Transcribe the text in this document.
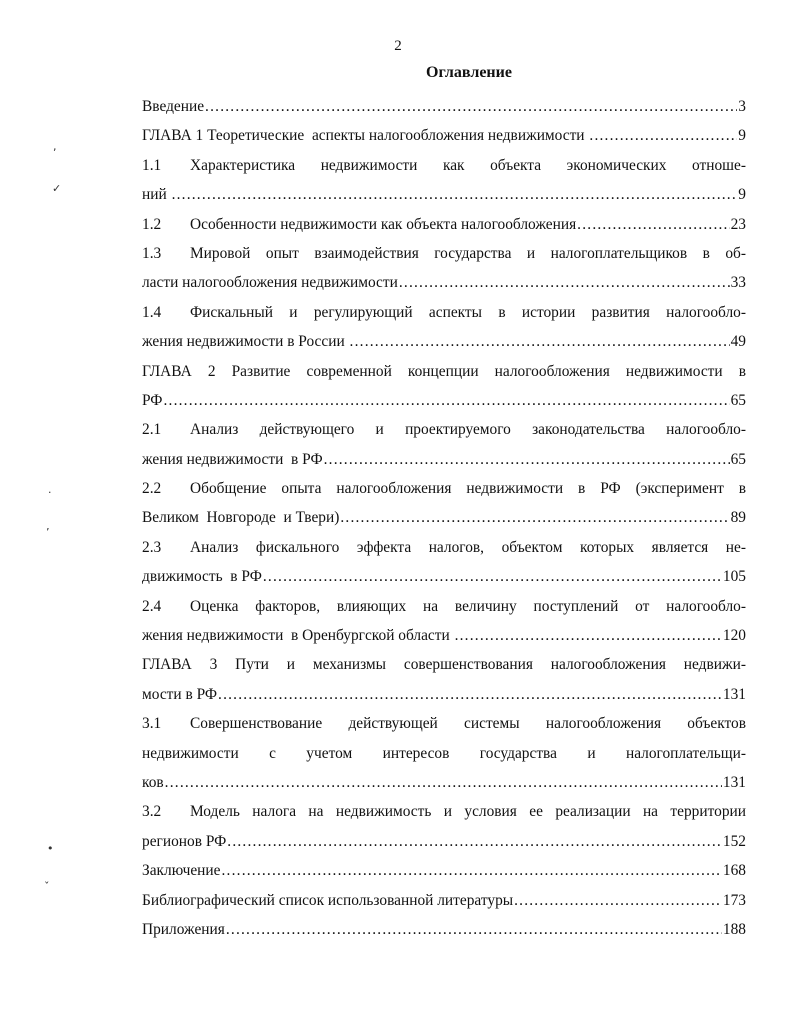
2
Оглавление
,
✓
·
ʼ
•
ˇ
Введение .....	3
ГЛАВА 1 Теоретические  аспекты налогообложения недвижимости .....	9
1.1 Характеристика недвижимости как объекта экономических отноше-
ний .....	9
1.2	Особенности недвижимости как объекта налогообложения .....	23
1.3 Мировой опыт взаимодействия государства и налогоплательщиков в об-
ласти налогообложения недвижимости .....	33
1.4 Фискальный и регулирующий аспекты в истории развития налогообло-
жения недвижимости в России .....	49
ГЛАВА 2 Развитие современной концепции налогообложения недвижимости в
РФ .....	65
2.1 Анализ действующего и проектируемого законодательства налогообло-
жения недвижимости  в РФ .....	65
2.2 Обобщение опыта налогообложения недвижимости в РФ (эксперимент в
Великом  Новгороде  и Твери) .....	89
2.3 Анализ фискального эффекта налогов, объектом которых является не-
движимость  в РФ .....	105
2.4 Оценка факторов, влияющих на величину поступлений от налогообло-
жения недвижимости  в Оренбургской области .....	120
ГЛАВА 3 Пути и механизмы совершенствования налогообложения недвижи-
мости в РФ .....	131
3.1 Совершенствование действующей системы налогообложения объектов
недвижимости с учетом интересов государства и налогоплательщи-
ков .....	131
3.2 Модель налога на недвижимость и условия ее реализации на территории
регионов РФ .....	152
Заключение .....	168
Библиографический список использованной литературы .....	173
Приложения .....	188
